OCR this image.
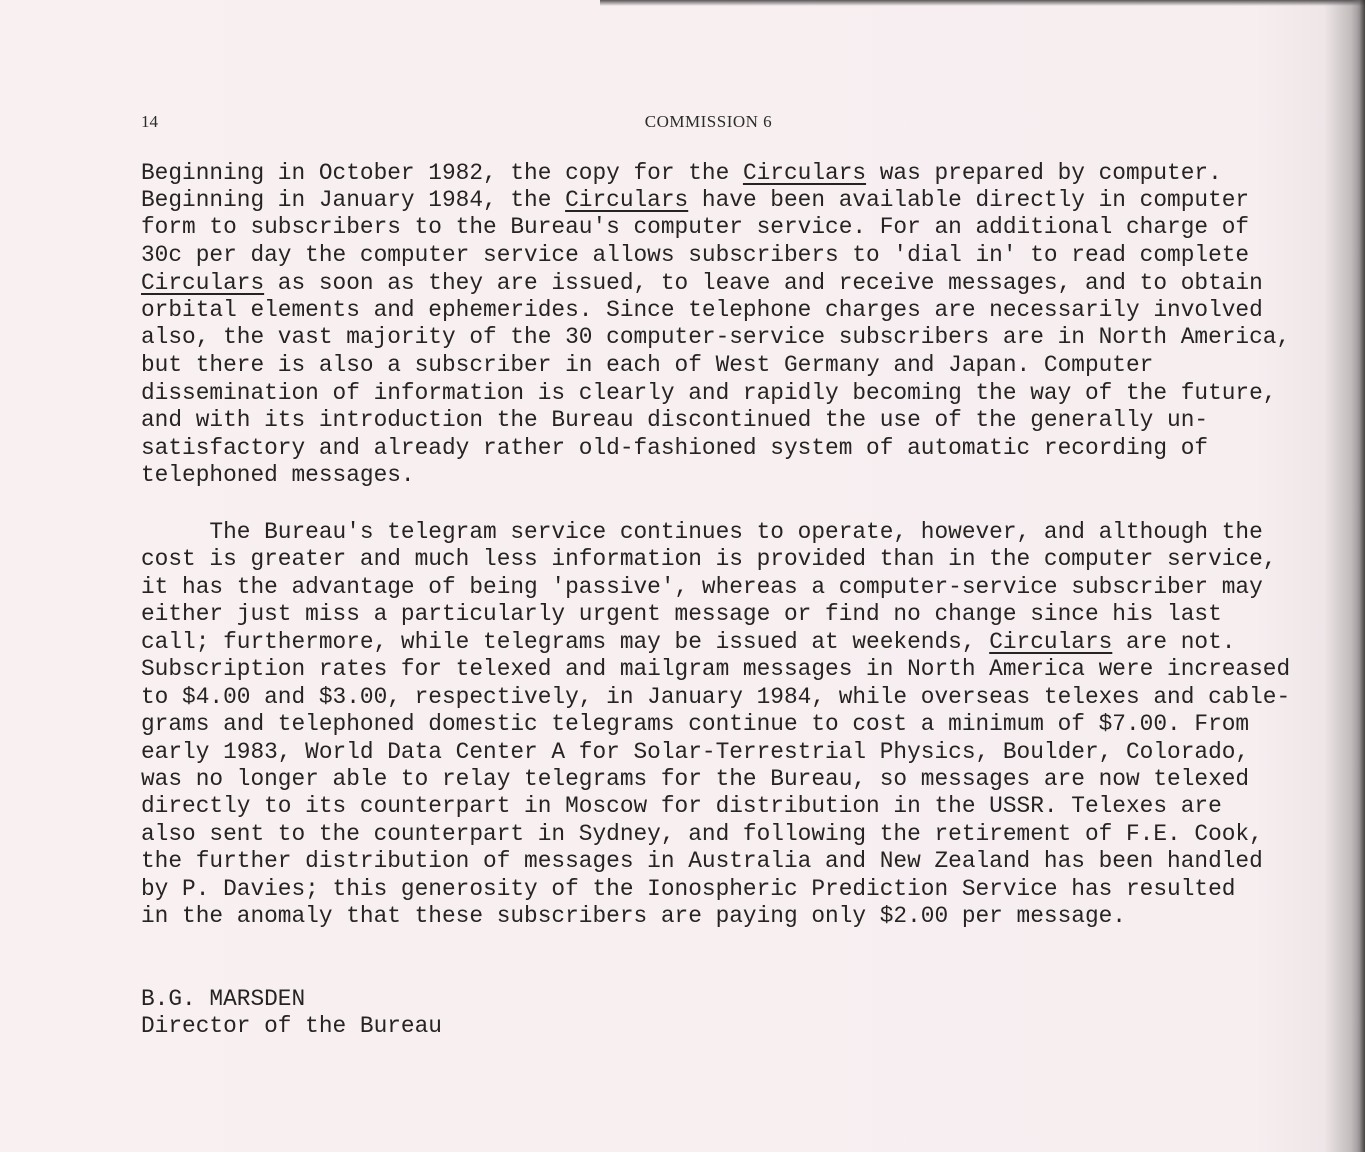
14	COMMISSION 6
Beginning in October 1982, the copy for the Circulars was prepared by computer.
Beginning in January 1984, the Circulars have been available directly in computer
form to subscribers to the Bureau's computer service. For an additional charge of
30c per day the computer service allows subscribers to 'dial in' to read complete
Circulars as soon as they are issued, to leave and receive messages, and to obtain
orbital elements and ephemerides. Since telephone charges are necessarily involved
also, the vast majority of the 30 computer-service subscribers are in North America,
but there is also a subscriber in each of West Germany and Japan. Computer
dissemination of information is clearly and rapidly becoming the way of the future,
and with its introduction the Bureau discontinued the use of the generally un-
satisfactory and already rather old-fashioned system of automatic recording of
telephoned messages.
The Bureau's telegram service continues to operate, however, and although the
cost is greater and much less information is provided than in the computer service,
it has the advantage of being 'passive', whereas a computer-service subscriber may
either just miss a particularly urgent message or find no change since his last
call; furthermore, while telegrams may be issued at weekends, Circulars are not.
Subscription rates for telexed and mailgram messages in North America were increased
to $4.00 and $3.00, respectively, in January 1984, while overseas telexes and cable-
grams and telephoned domestic telegrams continue to cost a minimum of $7.00. From
early 1983, World Data Center A for Solar-Terrestrial Physics, Boulder, Colorado,
was no longer able to relay telegrams for the Bureau, so messages are now telexed
directly to its counterpart in Moscow for distribution in the USSR. Telexes are
also sent to the counterpart in Sydney, and following the retirement of F.E. Cook,
the further distribution of messages in Australia and New Zealand has been handled
by P. Davies; this generosity of the Ionospheric Prediction Service has resulted
in the anomaly that these subscribers are paying only $2.00 per message.
B.G. MARSDEN
Director of the Bureau
